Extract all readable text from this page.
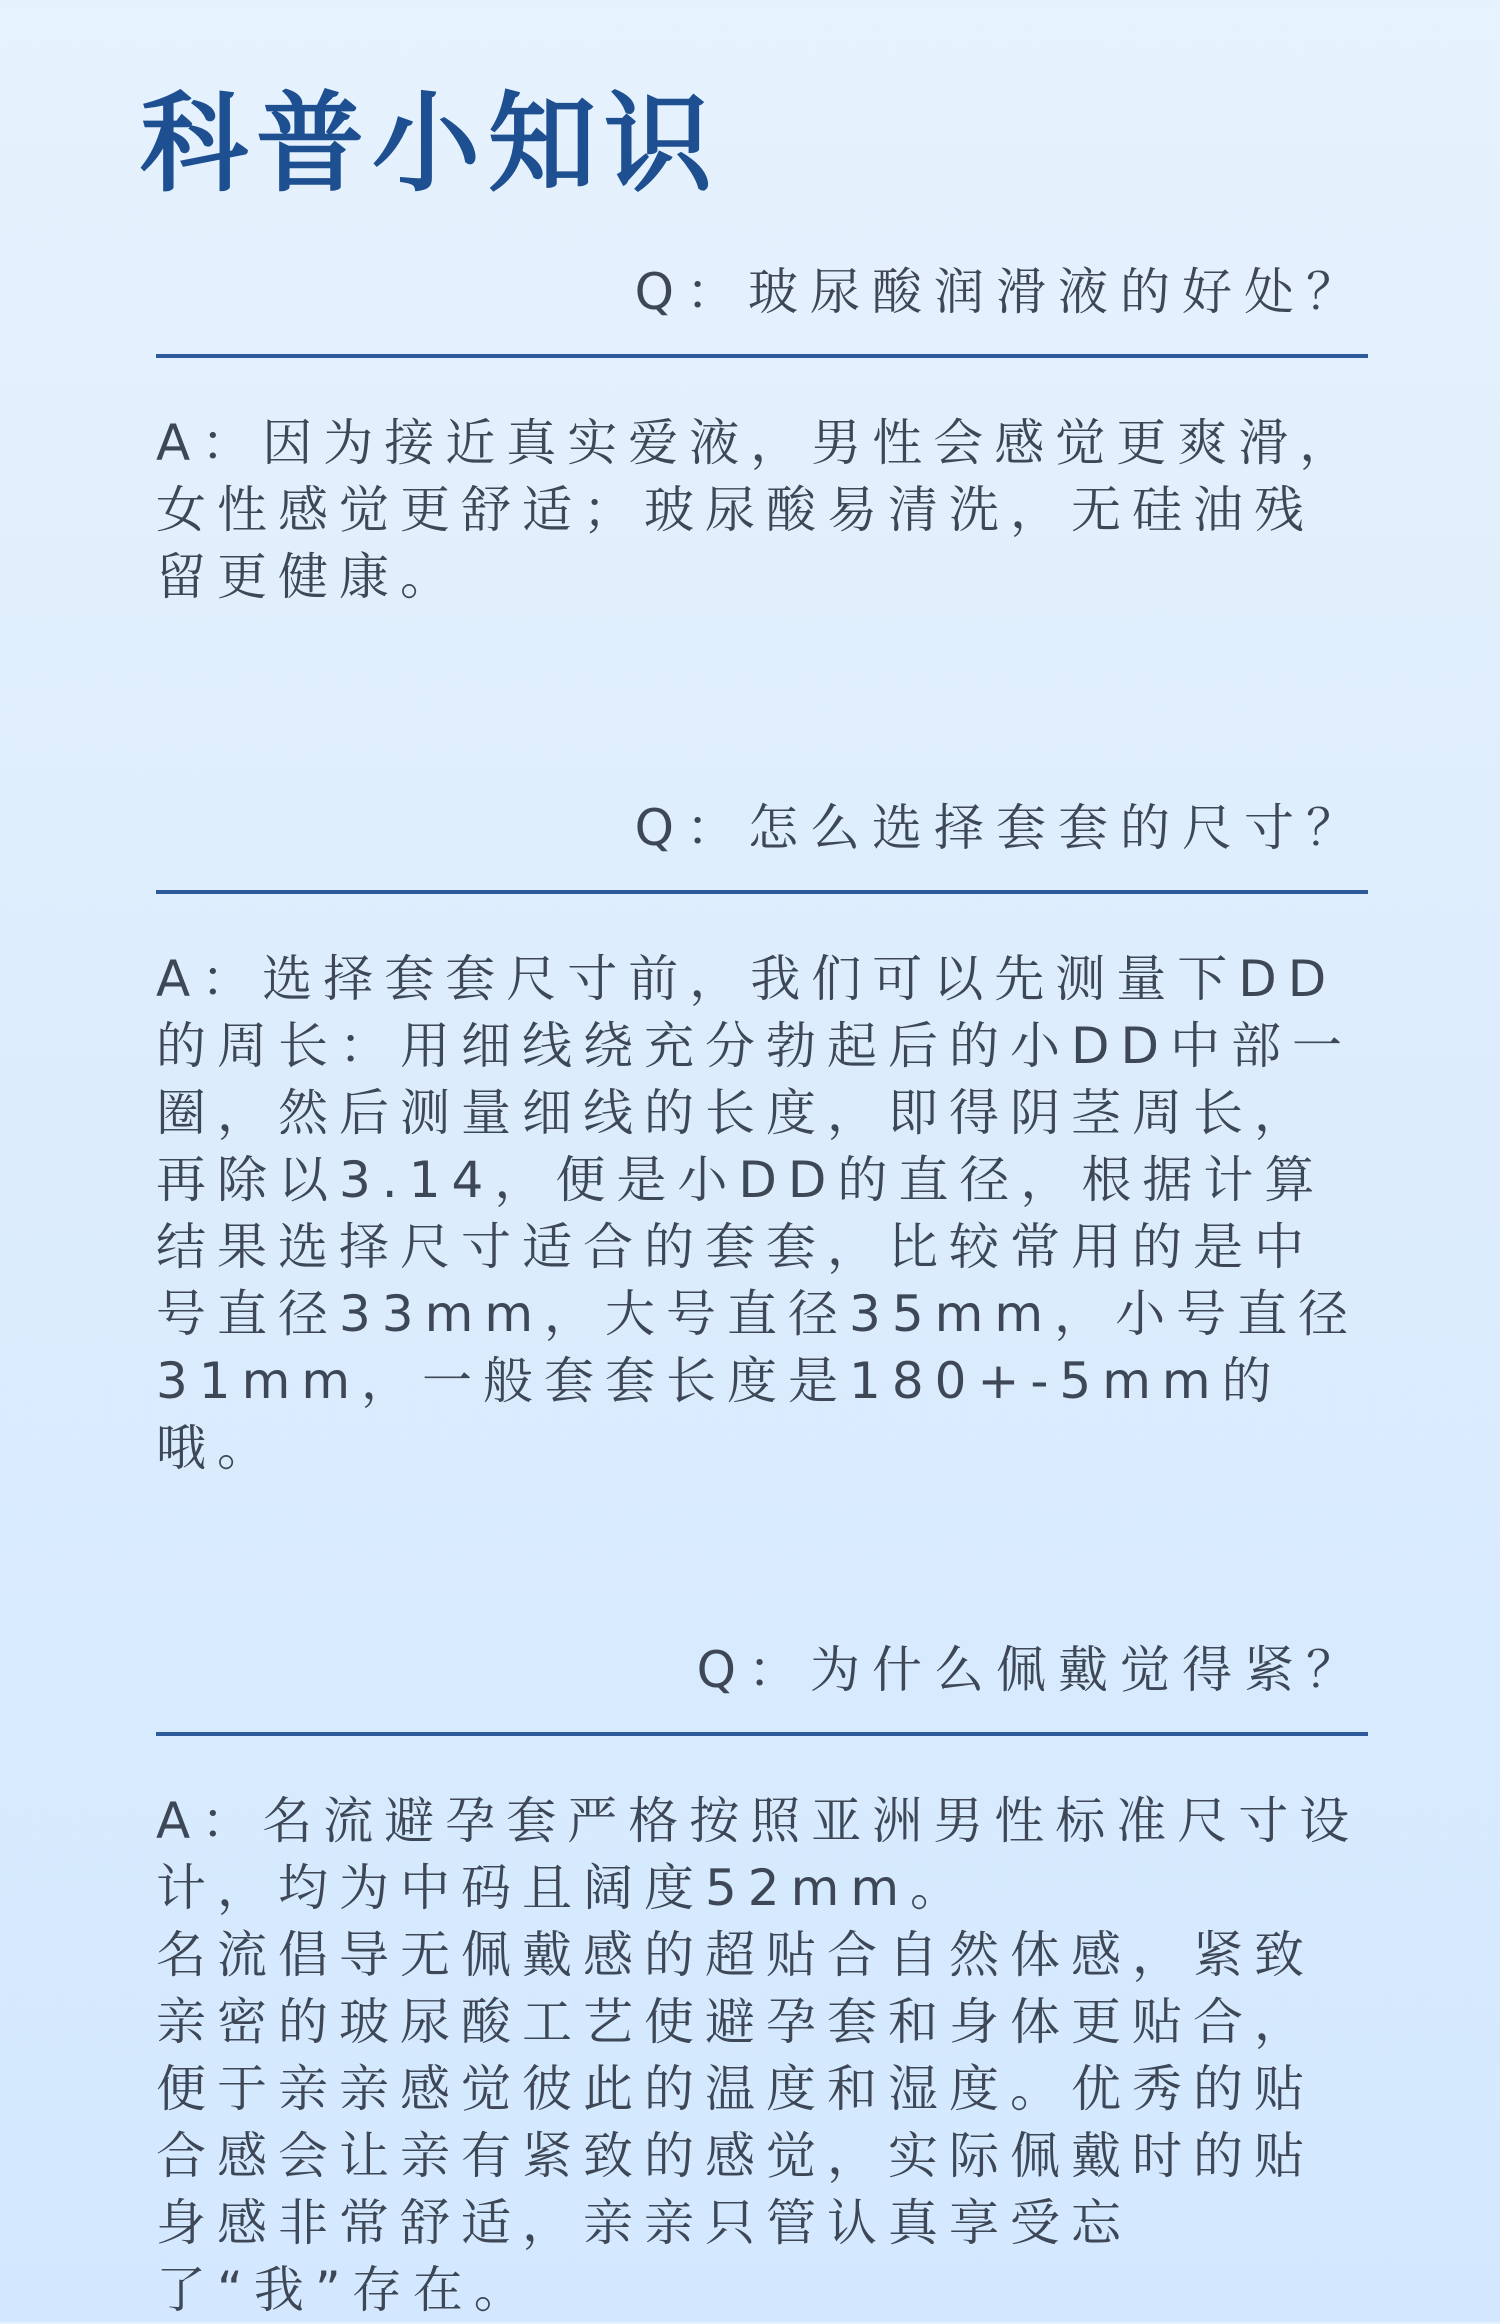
科普小知识
Q：玻尿酸润滑液的好处？

A：因为接近真实爱液，男性会感觉更爽滑，女性感觉更舒适；玻尿酸易清洗，无硅油残留更健康。

Q：怎么选择套套的尺寸？

A：选择套套尺寸前，我们可以先测量下DD的周长：用细线绕充分勃起后的小DD中部一圈，然后测量细线的长度，即得阴茎周长，再除以3.14，便是小DD的直径，根据计算结果选择尺寸适合的套套，比较常用的是中号直径33mm，大号直径35mm，小号直径31mm，一般套套长度是180+-5mm的哦。

Q：为什么佩戴觉得紧？

A：名流避孕套严格按照亚洲男性标准尺寸设计，均为中码且阔度52mm。

名流倡导无佩戴感的超贴合自然体感，紧致亲密的玻尿酸工艺使避孕套和身体更贴合，便于亲亲感觉彼此的温度和湿度。优秀的贴合感会让亲有紧致的感觉，实际佩戴时的贴身感非常舒适，亲亲只管认真享受忘了“我”存在。
